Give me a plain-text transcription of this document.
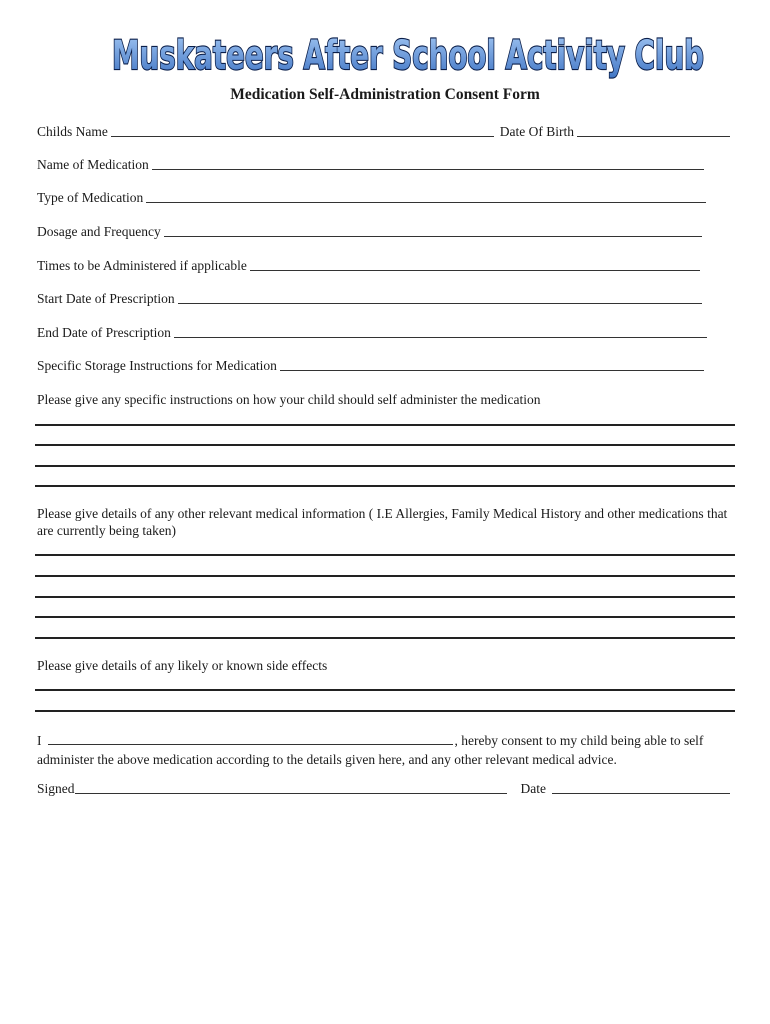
Muskateers After School Activity Club
Medication Self-Administration Consent Form
Childs Name	Date Of Birth
Name of Medication
Type of Medication
Dosage and Frequency
Times to be Administered if applicable
Start Date of Prescription
End Date of Prescription
Specific Storage Instructions for Medication
Please give any specific instructions on how your child should self administer the medication
Please give details of any other relevant medical information ( I.E Allergies, Family Medical History and other medications that are currently being taken)
Please give details of any likely or known side effects
I	, hereby consent to my child being able to self administer the above medication according to the details given here, and any other relevant medical advice.
Signed	Date
